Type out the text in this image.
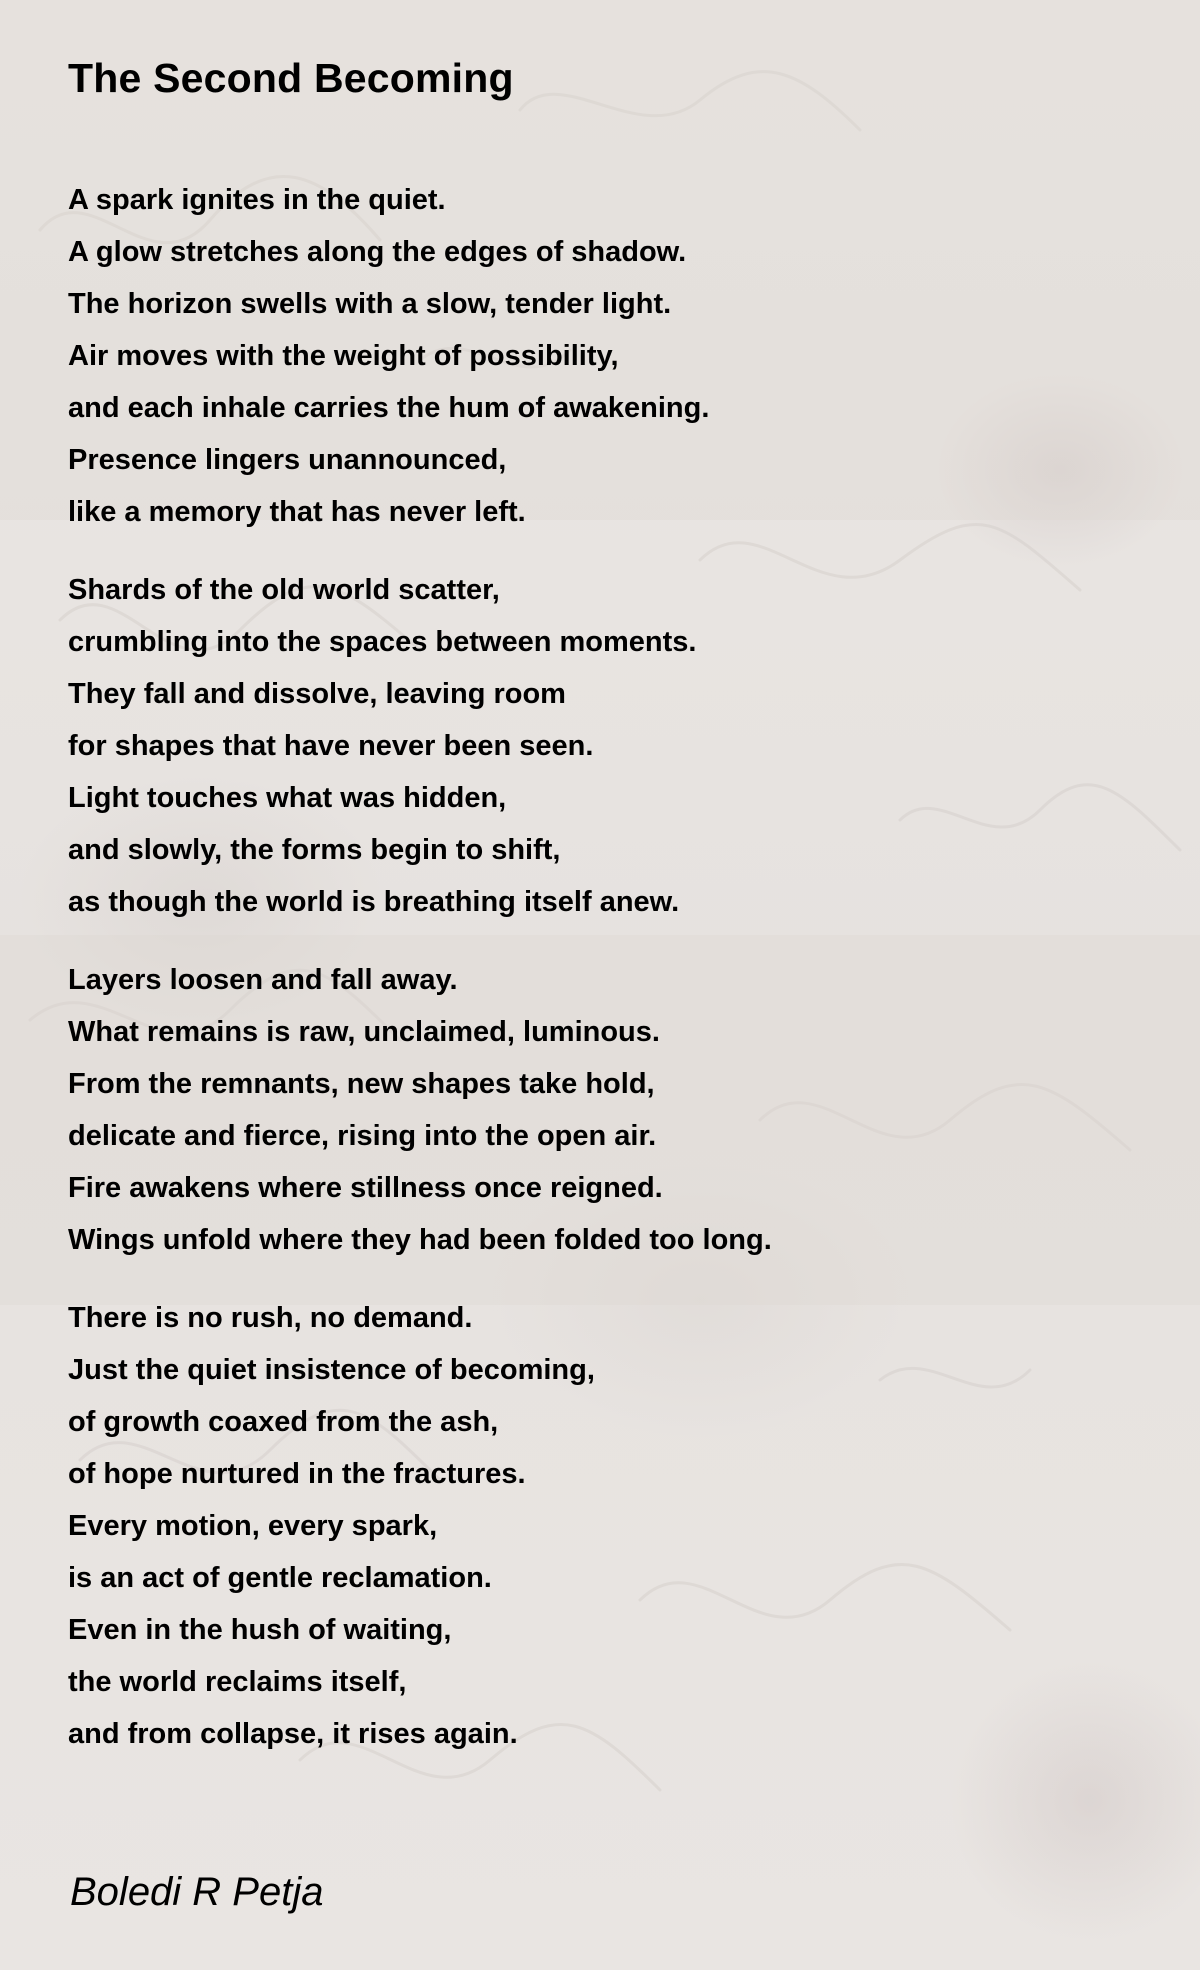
The Second Becoming
A spark ignites in the quiet.
A glow stretches along the edges of shadow.
The horizon swells with a slow, tender light.
Air moves with the weight of possibility,
and each inhale carries the hum of awakening.
Presence lingers unannounced,
like a memory that has never left.
Shards of the old world scatter,
crumbling into the spaces between moments.
They fall and dissolve, leaving room
for shapes that have never been seen.
Light touches what was hidden,
and slowly, the forms begin to shift,
as though the world is breathing itself anew.
Layers loosen and fall away.
What remains is raw, unclaimed, luminous.
From the remnants, new shapes take hold,
delicate and fierce, rising into the open air.
Fire awakens where stillness once reigned.
Wings unfold where they had been folded too long.
There is no rush, no demand.
Just the quiet insistence of becoming,
of growth coaxed from the ash,
of hope nurtured in the fractures.
Every motion, every spark,
is an act of gentle reclamation.
Even in the hush of waiting,
the world reclaims itself,
and from collapse, it rises again.
Boledi R Petja
